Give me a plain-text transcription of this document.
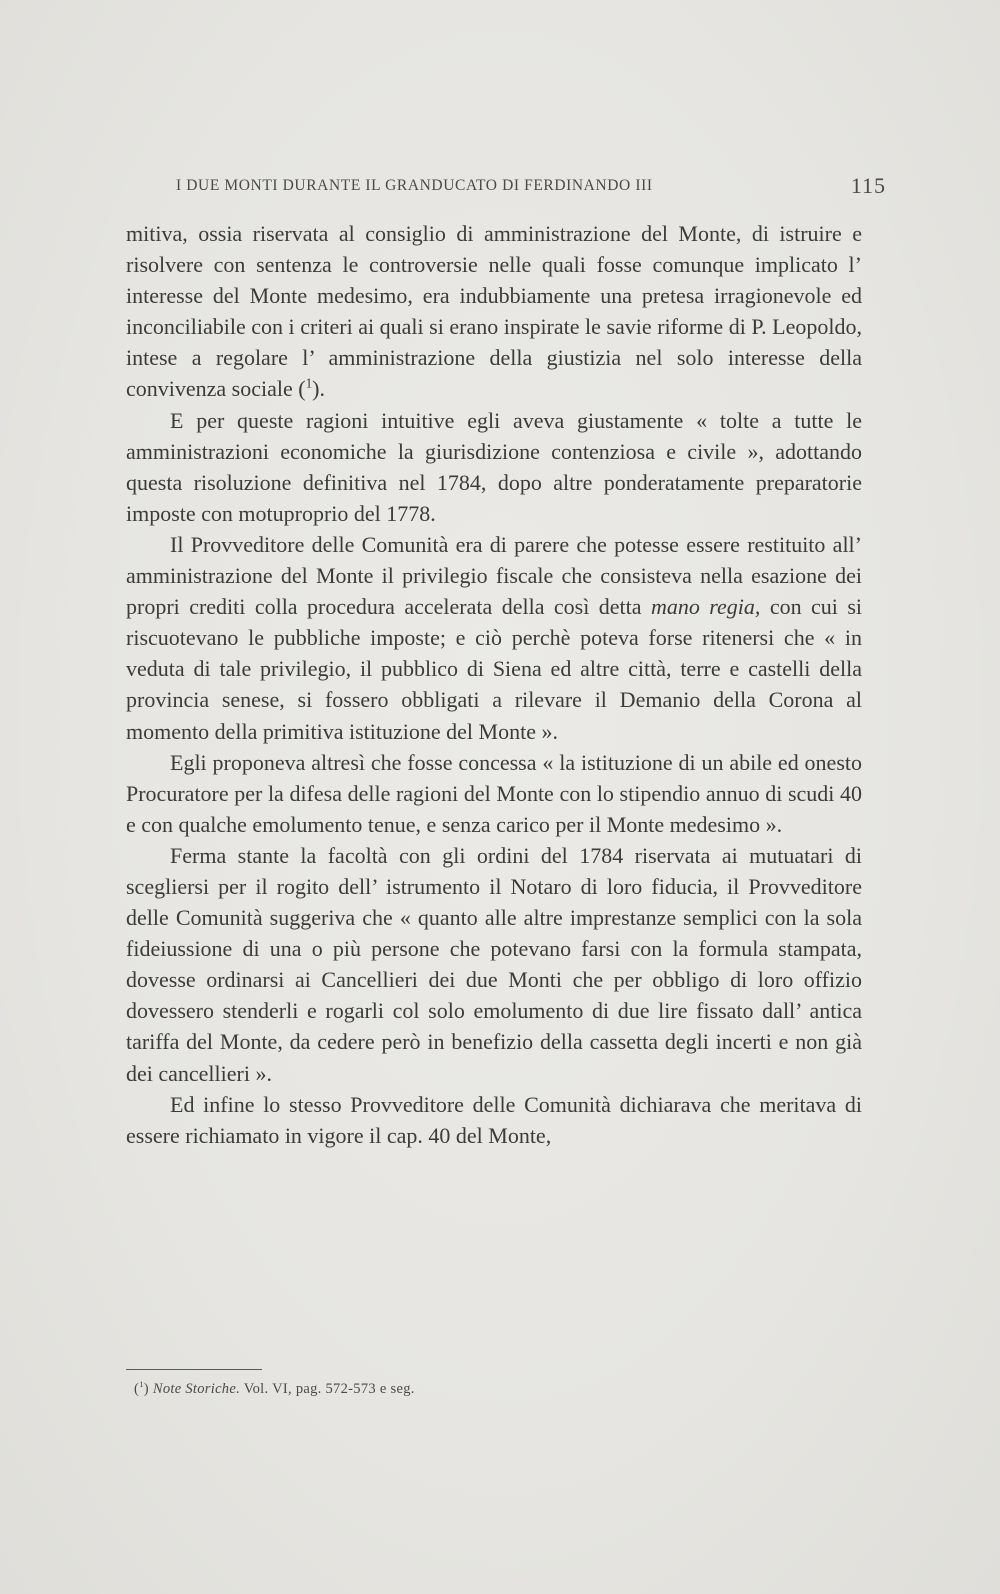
I DUE MONTI DURANTE IL GRANDUCATO DI FERDINANDO III	115

mitiva, ossia riservata al consiglio di amministrazione del Monte, di istruire e risolvere con sentenza le controversie nelle quali fosse comunque implicato l’ interesse del Monte medesimo, era indubbiamente una pretesa irragionevole ed inconciliabile con i criteri ai quali si erano inspirate le savie riforme di P. Leopoldo, intese a regolare l’ amministrazione della giustizia nel solo interesse della convivenza sociale ($^1$).

E per queste ragioni intuitive egli aveva giustamente « tolte a tutte le amministrazioni economiche la giurisdizione contenziosa e civile », adottando questa risoluzione definitiva nel 1784, dopo altre ponderatamente preparatorie imposte con motuproprio del 1778.

Il Provveditore delle Comunità era di parere che potesse essere restituito all’ amministrazione del Monte il privilegio fiscale che consisteva nella esazione dei propri crediti colla procedura accelerata della così detta mano regia, con cui si riscuotevano le pubbliche imposte; e ciò perchè poteva forse ritenersi che « in veduta di tale privilegio, il pubblico di Siena ed altre città, terre e castelli della provincia senese, si fossero obbligati a rilevare il Demanio della Corona al momento della primitiva istituzione del Monte ».

Egli proponeva altresì che fosse concessa « la istituzione di un abile ed onesto Procuratore per la difesa delle ragioni del Monte con lo stipendio annuo di scudi 40 e con qualche emolumento tenue, e senza carico per il Monte medesimo ».

Ferma stante la facoltà con gli ordini del 1784 riservata ai mutuatari di scegliersi per il rogito dell’ istrumento il Notaro di loro fiducia, il Provveditore delle Comunità suggeriva che « quanto alle altre imprestanze semplici con la sola fideiussione di una o più persone che potevano farsi con la formula stampata, dovesse ordinarsi ai Cancellieri dei due Monti che per obbligo di loro offizio dovessero stenderli e rogarli col solo emolumento di due lire fissato dall’ antica tariffa del Monte, da cedere però in benefizio della cassetta degli incerti e non già dei cancellieri ».

Ed infine lo stesso Provveditore delle Comunità dichiarava che meritava di essere richiamato in vigore il cap. 40 del Monte,

($^1$) Note Storiche. Vol. VI, pag. 572-573 e seg.
